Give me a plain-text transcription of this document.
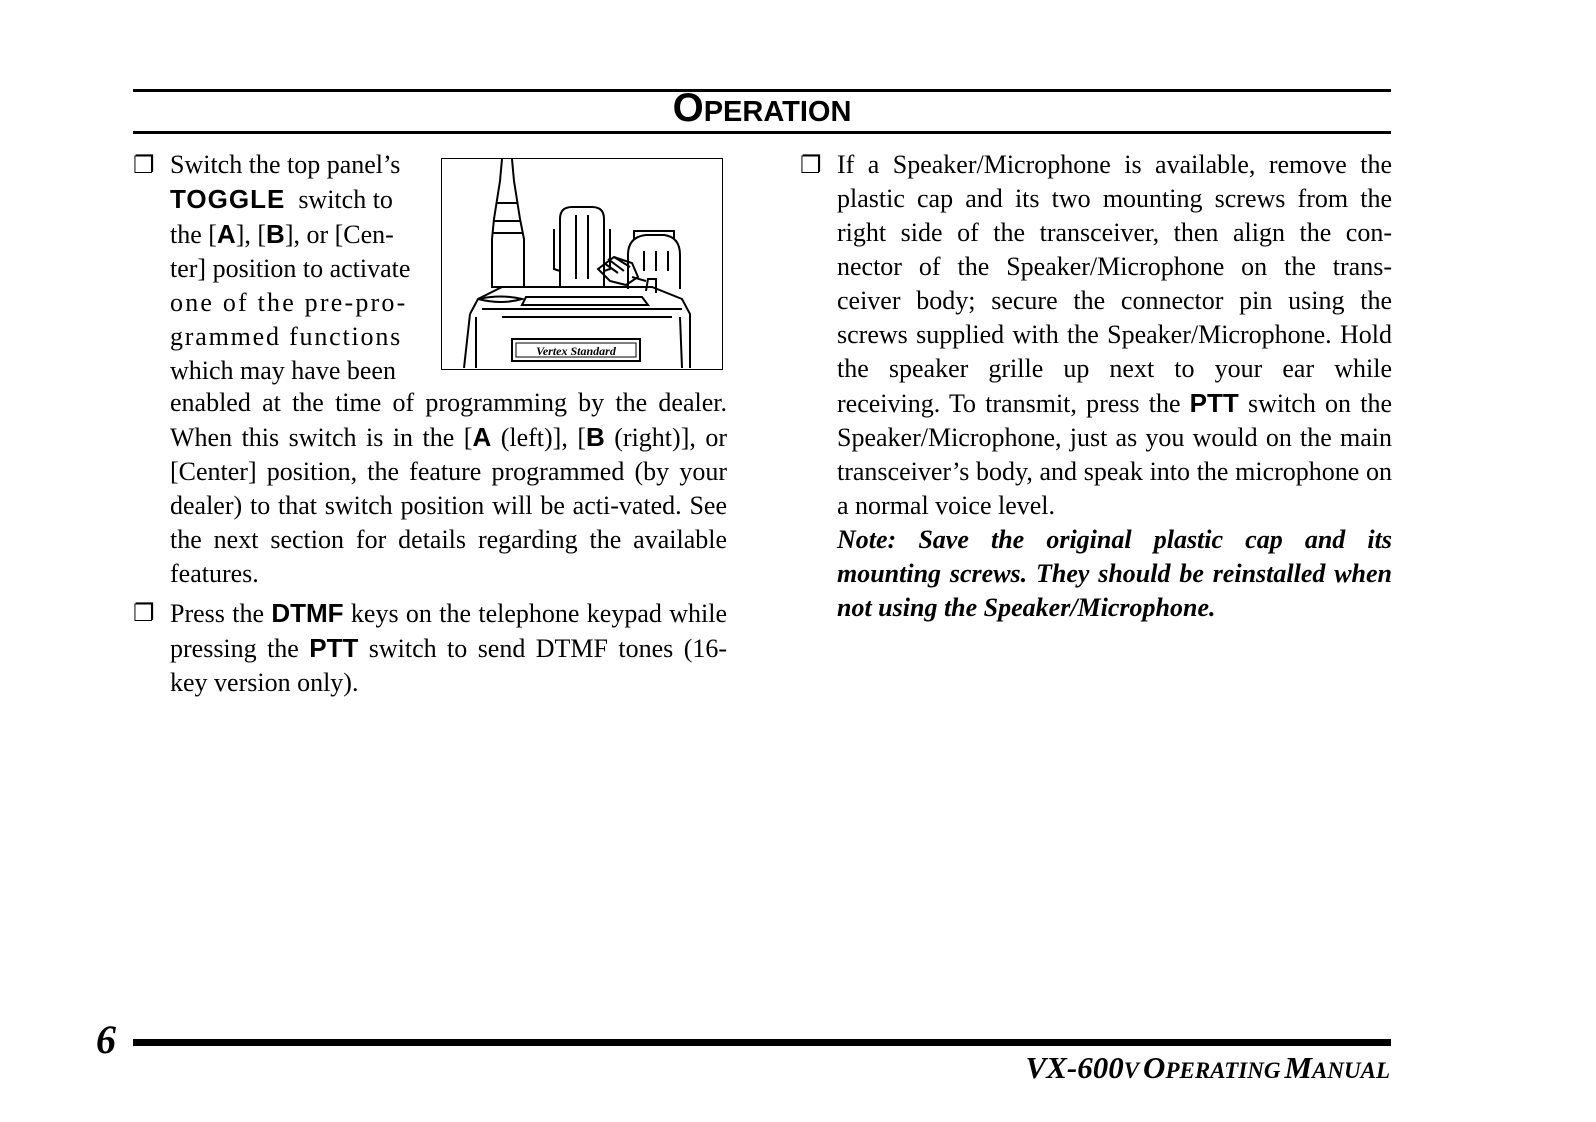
OPERATION
❐ Switch the top panel’s

TOGGLE switch to

the [A], [B], or [Cen-

ter] position to activate

one of the pre-pro-

grammed functions

which may have been

Vertex Standard

enabled at the time of programming by the dealer. When this switch is in the [A (left)], [B (right)], or [Center] position, the feature programmed (by your dealer) to that switch position will be acti-vated. See the next section for details regarding the available features.

❐ Press the DTMF keys on the telephone keypad while pressing the PTT switch to send DTMF tones (16-key version only).

❐ If a Speaker/Microphone is available, remove the plastic cap and its two mounting screws from the right side of the transceiver, then align the con-nector of the Speaker/Microphone on the trans-ceiver body; secure the connector pin using the screws supplied with the Speaker/Microphone. Hold the speaker grille up next to your ear while receiving. To transmit, press the PTT switch on the Speaker/Microphone, just as you would on the main transceiver’s body, and speak into the microphone on a normal voice level.

Note: Save the original plastic cap and its mounting screws. They should be reinstalled when not using the Speaker/Microphone.

6
VX-600V OPERATING MANUAL
